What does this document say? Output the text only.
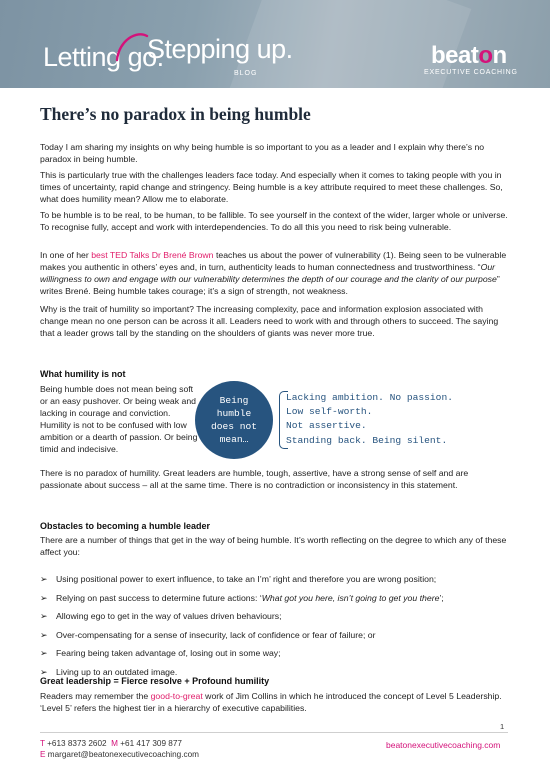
Letting go.
Stepping up.
BLOG
beaton
EXECUTIVE COACHING
There’s no paradox in being humble
Today I am sharing my insights on why being humble is so important to you as a leader and I explain why there’s no paradox in being humble.
This is particularly true with the challenges leaders face today. And especially when it comes to taking people with you in times of uncertainty, rapid change and stringency. Being humble is a key attribute required to meet these challenges. So, what does humility mean? Allow me to elaborate.
To be humble is to be real, to be human, to be fallible. To see yourself in the context of the wider, larger whole or universe. To recognise fully, accept and work with interdependencies. To do all this you need to risk being vulnerable.
In one of her best TED Talks Dr Brené Brown teaches us about the power of vulnerability (1). Being seen to be vulnerable makes you authentic in others’ eyes and, in turn, authenticity leads to human connectedness and trustworthiness. “Our willingness to own and engage with our vulnerability determines the depth of our courage and the clarity of our purpose” writes Brené. Being humble takes courage; it’s a sign of strength, not weakness.
Why is the trait of humility so important? The increasing complexity, pace and information explosion associated with change mean no one person can be across it all. Leaders need to work with and through others to succeed. The saying that a leader grows tall by the standing on the shoulders of giants was never more true.
What humility is not
Being humble does not mean being soft or an easy pushover. Or being weak and lacking in courage and conviction. Humility is not to be confused with low ambition or a dearth of passion. Or being timid and indecisive.
Being
humble
does not
mean…
Lacking ambition. No passion.
Low self-worth.
Not assertive.
Standing back. Being silent.
There is no paradox of humility. Great leaders are humble, tough, assertive, have a strong sense of self and are passionate about success – all at the same time. There is no contradiction or inconsistency in this statement.
Obstacles to becoming a humble leader
There are a number of things that get in the way of being humble. It’s worth reflecting on the degree to which any of these affect you:
➢ Using positional power to exert influence, to take an I’m’ right and therefore you are wrong position;
➢ Relying on past success to determine future actions: ‘What got you here, isn’t going to get you there’;
➢ Allowing ego to get in the way of values driven behaviours;
➢ Over-compensating for a sense of insecurity, lack of confidence or fear of failure; or
➢ Fearing being taken advantage of, losing out in some way;
➢ Living up to an outdated image.
Great leadership = Fierce resolve + Profound humility
Readers may remember the good-to-great work of Jim Collins in which he introduced the concept of Level 5 Leadership. ‘Level 5’ refers the highest tier in a hierarchy of executive capabilities.
1
T +613 8373 2602 M +61 417 309 877
E margaret@beatonexecutivecoaching.com
beatonexecutivecoaching.com
